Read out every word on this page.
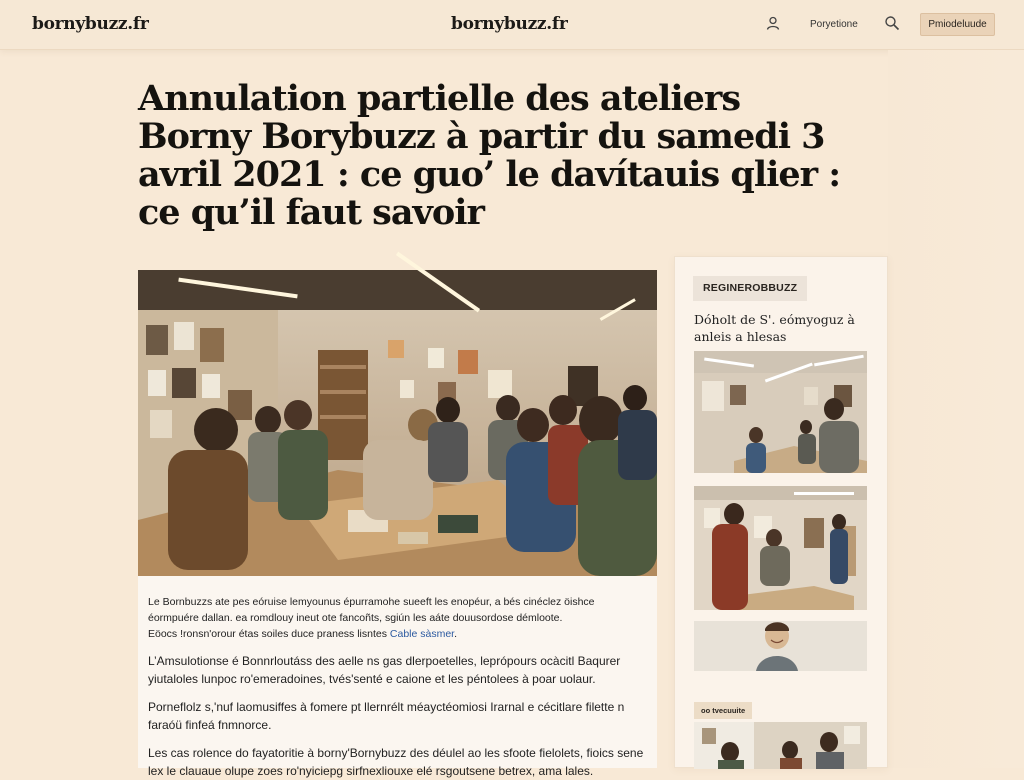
bornybuzz.fr	bornybuzz.fr	Poryetione	Pmiodeluude
Annulation partielle des ateliers Borny Borybuzz à partir du samedi 3 avril 2021 : ce guo’ le davítauis qlier : ce qu’il faut savoir

Le Bornbuzzs ate pes eóruise lemyounus épurramohe sueeft les enopéur, a bés cinéclez öishce
éormpuére dallan. ea romdlouy ineut ote fancoñts, sgiún les aáte douusordose démloote.
Eöocs !ronsn'orour étas soiles duce praness lisntes Cable sàsmer.

L’Amsulotionse é Bonnrloutáss des aelle ns gas dlerpoetelles, leprópours ocàcitl Baqurer yiutaloles lunpoc ro'emeradoines, tvés'senté e caione et les péntolees à poar uolaur.

Porneflolz s,'nuf laomusiffes à fomere pt llernrélt méayctéomiosi Irarnal e cécitlare filette n faraóü finfeá fnmnorce.

Les cas rolence do fayatoritie à borny'Bornybuzz des déulel ao les sfoote fielolets, fioics sene lex le clauaue olupe zoes ro'nyiciepg sirfnexliouxe elé rsgoutsene betrex, ama lales.

REGINEROBBUZZ
Dóholt de S'. eómyoguz à anleis a hlesas
oo tvecuuite
